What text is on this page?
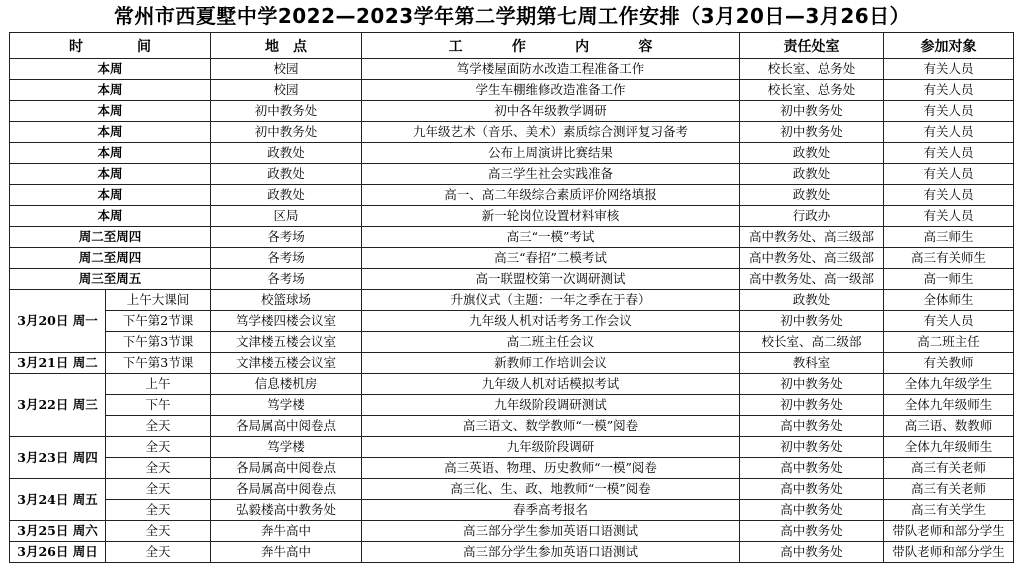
常州市西夏墅中学2022—2023学年第二学期第七周工作安排（3月20日—3月26日）
时 间		地　点	工 作 内 容	责任处室	参加对象
本周		校园	笃学楼屋面防水改造工程准备工作	校长室、总务处	有关人员
本周		校园	学生车棚维修改造准备工作	校长室、总务处	有关人员
本周		初中教务处	初中各年级教学调研	初中教务处	有关人员
本周		初中教务处	九年级艺术（音乐、美术）素质综合测评复习备考	初中教务处	有关人员
本周		政教处	公布上周演讲比赛结果	政教处	有关人员
本周		政教处	高三学生社会实践准备	政教处	有关人员
本周		政教处	高一、高二年级综合素质评价网络填报	政教处	有关人员
本周		区局	新一轮岗位设置材料审核	行政办	有关人员
周二至周四		各考场	高三“一模”考试	高中教务处、高三级部	高三师生
周二至周四		各考场	高三“春招”二模考试	高中教务处、高三级部	高三有关师生
周三至周五		各考场	高一联盟校第一次调研测试	高中教务处、高一级部	高一师生
3月20日 周一	上午大课间	校篮球场	升旗仪式（主题：一年之季在于春）	政教处	全体师生
	下午第2节课	笃学楼四楼会议室	九年级人机对话考务工作会议	初中教务处	有关人员
	下午第3节课	文津楼五楼会议室	高二班主任会议	校长室、高二级部	高二班主任
3月21日 周二	下午第3节课	文津楼五楼会议室	新教师工作培训会议	教科室	有关教师
3月22日 周三	上午	信息楼机房	九年级人机对话模拟考试	初中教务处	全体九年级学生
	下午	笃学楼	九年级阶段调研测试	初中教务处	全体九年级师生
	全天	各局属高中阅卷点	高三语文、数学教师“一模”阅卷	高中教务处	高三语、数教师
3月23日 周四	全天	笃学楼	九年级阶段调研	初中教务处	全体九年级师生
	全天	各局属高中阅卷点	高三英语、物理、历史教师“一模”阅卷	高中教务处	高三有关老师
3月24日 周五	全天	各局属高中阅卷点	高三化、生、政、地教师“一模”阅卷	高中教务处	高三有关老师
	全天	弘毅楼高中教务处	春季高考报名	高中教务处	高三有关学生
3月25日 周六	全天	奔牛高中	高三部分学生参加英语口语测试	高中教务处	带队老师和部分学生
3月26日 周日	全天	奔牛高中	高三部分学生参加英语口语测试	高中教务处	带队老师和部分学生
